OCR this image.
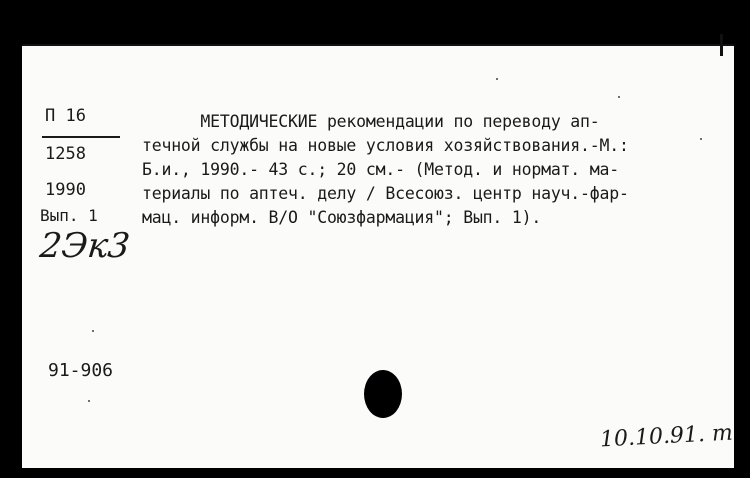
П 16
1258
1990
Вып. 1
2Эк3
МЕТОДИЧЕСКИЕ рекомендации по переводу ап-
течной службы на новые условия хозяйствования.-М.:
Б.и., 1990.- 43 с.; 20 см.- (Метод. и нормат. ма-
териалы по аптеч. делу / Всесоюз. центр науч.-фар-
мац. информ. В/О "Союзфармация"; Вып. 1).
91-906
10.10.91. m
